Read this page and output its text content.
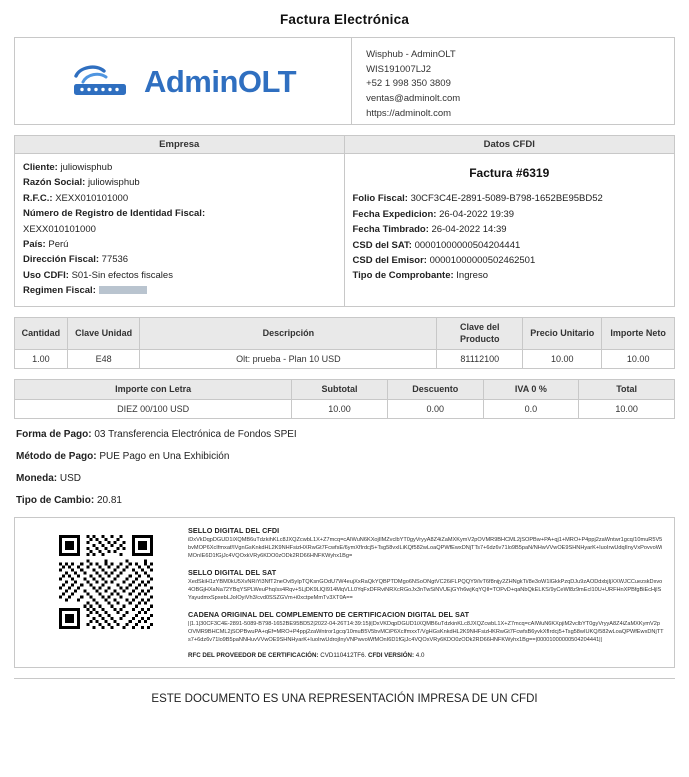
Factura Electrónica
AdminOLT
Wisphub - AdminOLT
WIS191007LJ2
+52 1 998 350 3809
ventas@adminolt.com
https://adminolt.com
Empresa
Cliente: juliowisphub
Razón Social: juliowisphub
R.F.C.: XEXX010101000
Número de Registro de Identidad Fiscal:
XEXX010101000
País: Perú
Dirección Fiscal: 77536
Uso CDFI: S01-Sin efectos fiscales
Regimen Fiscal:
Datos CFDI
Factura #6319
Folio Fiscal: 30CF3C4E-2891-5089-B798-1652BE95BD52
Fecha Expedicion: 26-04-2022 19:39
Fecha Timbrado: 26-04-2022 14:39
CSD del SAT: 00001000000504204441
CSD del Emisor: 00001000000502462501
Tipo de Comprobante: Ingreso
Cantidad	Clave Unidad	Descripción	Clave del Producto	Precio Unitario	Importe Neto
1.00	E48	Olt: prueba - Plan 10 USD	81112100	10.00	10.00
Importe con Letra	Subtotal	Descuento	IVA 0 %	Total
DIEZ 00/100 USD	10.00	0.00	0.0	10.00
Forma de Pago: 03 Transferencia Electrónica de Fondos SPEI
Método de Pago: PUE Pago en Una Exhibición
Moneda: USD
Tipo de Cambio: 20.81
SELLO DIGITAL DEL CFDI
iDxVkDqpDGUD1iXQMB6uTdzkihKLc8JXQZcwbL1X+Z7mcq=cAIWuN6KXojIlMZvclbYT0gyVryyA8Z4iZaMXKymV2pOVMR9BHCML2jSOPBw+PA+qj1+MRO+P4ppj2zaWntwr1gcq/10muR5V5bvMOP6XcIfmxaf/IVgnGsKnkdHL2K9NHFsizHXRwGt7FcwfsE/6ymXfIrdcj5+Tsg58vxILiKQf582wLoaQPWfEwxDNjTTs7+6dz6v71lo9B5paN/NHwVVwOE9SHNHyarK+IuoIrwUdqIInyVxPovvoWiMOnIE6D1fGjJc4VQOxkVRy6KDO0zODk2RD66HNFKWyhx1Bg=
SELLO DIGITAL DEL SAT
XedSkiH1zYBM0kU5XvNRiYi3NfT2neOvi5yIpTQKsnGOdU7W4eujXxRaQkYQBPTDMgo6NSoONgtVC26iFLPQQY9/lvT6f8nijy2ZHNgkTi/8e3oW1lGkkPzqDJu9zAODdxbjIjXXWJCCuezskDxvo4OBGjHXaNa72YBqYSPLWeuPhq/ss4Rqv+5LjDK9LlQI914MqVLL0YqFxDFRviNRXcRGoJx3nTwSiNVUEjGYh6wjKqYQIl=TOPvD+qaNbQkELKS/9yCeWl8z9mEcl10U+URFHnXPBfgBiEcHjlSYayudmxSpxebLJoIOyiVh3/cvd0SSZGVm+i0xctpeMmTv3XT0A==
CADENA ORIGINAL DEL COMPLEMENTO DE CERTIFICACION DIGITAL DEL SAT
||1.1|30CF3C4E-2891-5089-B798-1652BE95BD52|2022-04-26T14:39:15|i|DxVKDqpDGUD1iXQMB6uTdzkinKLc8JXQZcwbL1X+Z7mcq=cAIWuN6KXpjiM2vclbYT0gyVryyA8Z4iZaMXKymV2pOVMR9BHCML2jSOPBwuPA+qEf=MRO+P4ppj2zaWntror1gcq/10muB5V5bvMCiP6XcIfmxxT/VgHGsKnkdHL2K9NHFsizHKRwGt7FcwfsB6yvkXfIrdcj5+Tsg58wIUKQ/582wLoaQPWfEwxDNjTTs7+6dz6v71lo9B5paNNHuvVVwOE9SHNHyarK+IuoIrwUdrojInyVNPwvoWfMOnI6D1fGjJc4VQOxVRy6KDO0zODk2RD66HNFKWyhx1Bg==|00001000000504204441||
RFC DEL PROVEEDOR DE CERTIFICACIÓN: CVD110412TF6. CFDI VERSIÓN: 4.0
ESTE DOCUMENTO ES UNA REPRESENTACIÓN IMPRESA DE UN CFDI
